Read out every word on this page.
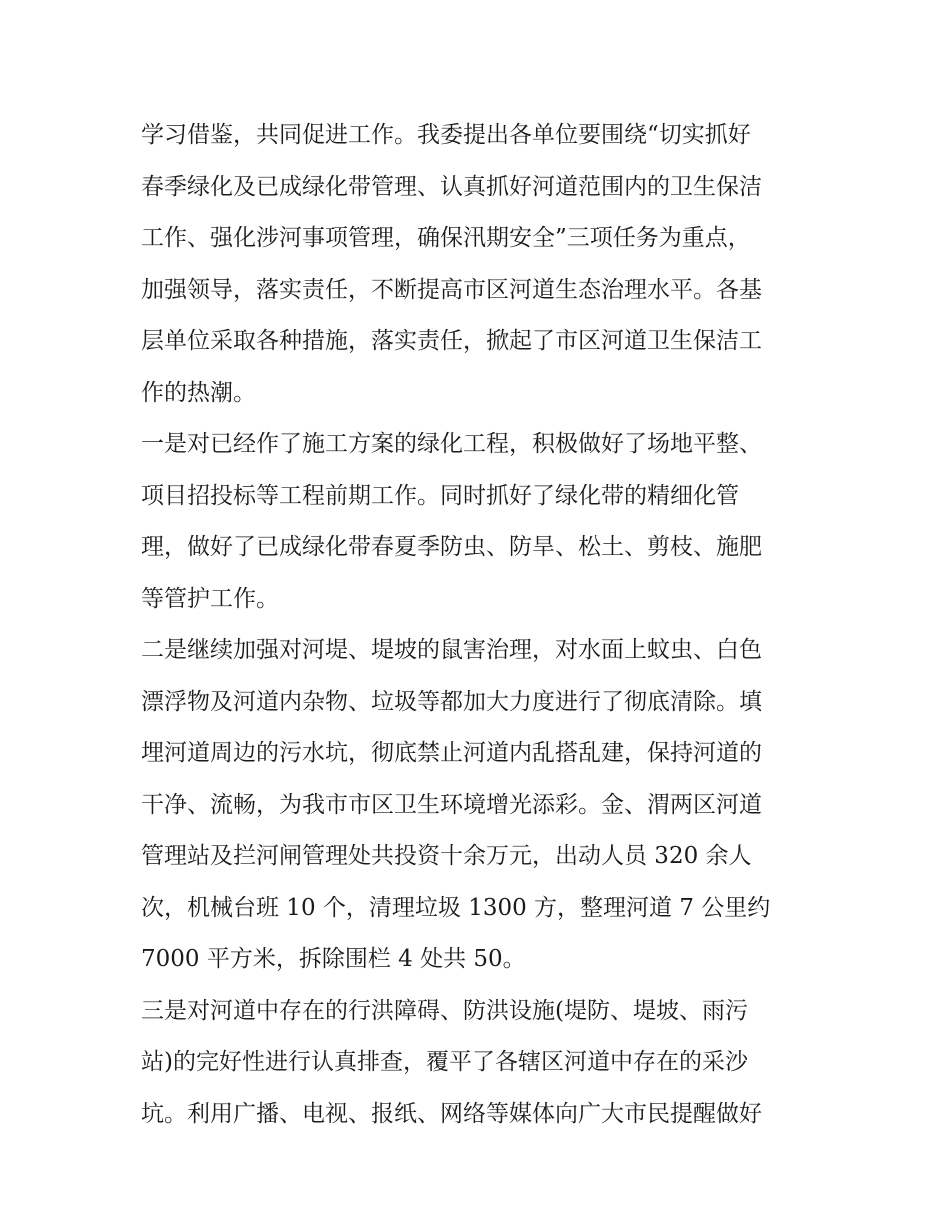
学习借鉴，共同促进工作。我委提出各单位要围绕“切实抓好
春季绿化及已成绿化带管理、认真抓好河道范围内的卫生保洁
工作、强化涉河事项管理，确保汛期安全”三项任务为重点，
加强领导，落实责任，不断提高市区河道生态治理水平。各基
层单位采取各种措施，落实责任，掀起了市区河道卫生保洁工
作的热潮。
一是对已经作了施工方案的绿化工程，积极做好了场地平整、
项目招投标等工程前期工作。同时抓好了绿化带的精细化管
理，做好了已成绿化带春夏季防虫、防旱、松土、剪枝、施肥
等管护工作。
二是继续加强对河堤、堤坡的鼠害治理，对水面上蚊虫、白色
漂浮物及河道内杂物、垃圾等都加大力度进行了彻底清除。填
埋河道周边的污水坑，彻底禁止河道内乱搭乱建，保持河道的
干净、流畅，为我市市区卫生环境增光添彩。金、渭两区河道
管理站及拦河闸管理处共投资十余万元，出动人员 320 余人
次，机械台班 10 个，清理垃圾 1300 方，整理河道 7 公里约
7000 平方米，拆除围栏 4 处共 50。
三是对河道中存在的行洪障碍、防洪设施(堤防、堤坡、雨污
站)的完好性进行认真排查，覆平了各辖区河道中存在的采沙
坑。利用广播、电视、报纸、网络等媒体向广大市民提醒做好
